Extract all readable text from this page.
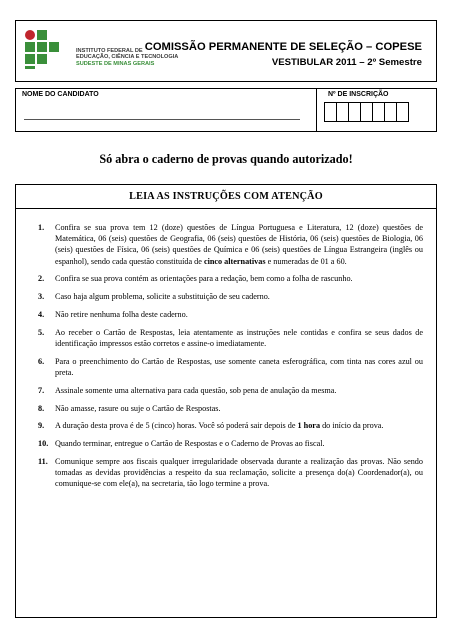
INSTITUTO FEDERAL DE
EDUCAÇÃO, CIÊNCIA E TECNOLOGIA
SUDESTE DE MINAS GERAIS
COMISSÃO PERMANENTE DE SELEÇÃO – COPESE
VESTIBULAR 2011 – 2º Semestre
NOME DO CANDIDATO	Nº DE INSCRIÇÃO
Só abra o caderno de provas quando autorizado!
LEIA AS INSTRUÇÕES COM ATENÇÃO
1. Confira se sua prova tem 12 (doze) questões de Língua Portuguesa e Literatura, 12 (doze) questões de Matemática, 06 (seis) questões de Geografia, 06 (seis) questões de História, 06 (seis) questões de Biologia, 06 (seis) questões de Física, 06 (seis) questões de Química e 06 (seis) questões de Língua Estrangeira (inglês ou espanhol), sendo cada questão constituída de cinco alternativas e numeradas de 01 a 60.
2. Confira se sua prova contém as orientações para a redação, bem como a folha de rascunho.
3. Caso haja algum problema, solicite a substituição de seu caderno.
4. Não retire nenhuma folha deste caderno.
5. Ao receber o Cartão de Respostas, leia atentamente as instruções nele contidas e confira se seus dados de identificação impressos estão corretos e assine-o imediatamente.
6. Para o preenchimento do Cartão de Respostas, use somente caneta esferográfica, com tinta nas cores azul ou preta.
7. Assinale somente uma alternativa para cada questão, sob pena de anulação da mesma.
8. Não amasse, rasure ou suje o Cartão de Respostas.
9. A duração desta prova é de 5 (cinco) horas. Você só poderá sair depois de 1 hora do início da prova.
10. Quando terminar, entregue o Cartão de Respostas e o Caderno de Provas ao fiscal.
11. Comunique sempre aos fiscais qualquer irregularidade observada durante a realização das provas. Não sendo tomadas as devidas providências a respeito da sua reclamação, solicite a presença do(a) Coordenador(a), ou comunique-se com ele(a), na secretaria, tão logo termine a prova.
